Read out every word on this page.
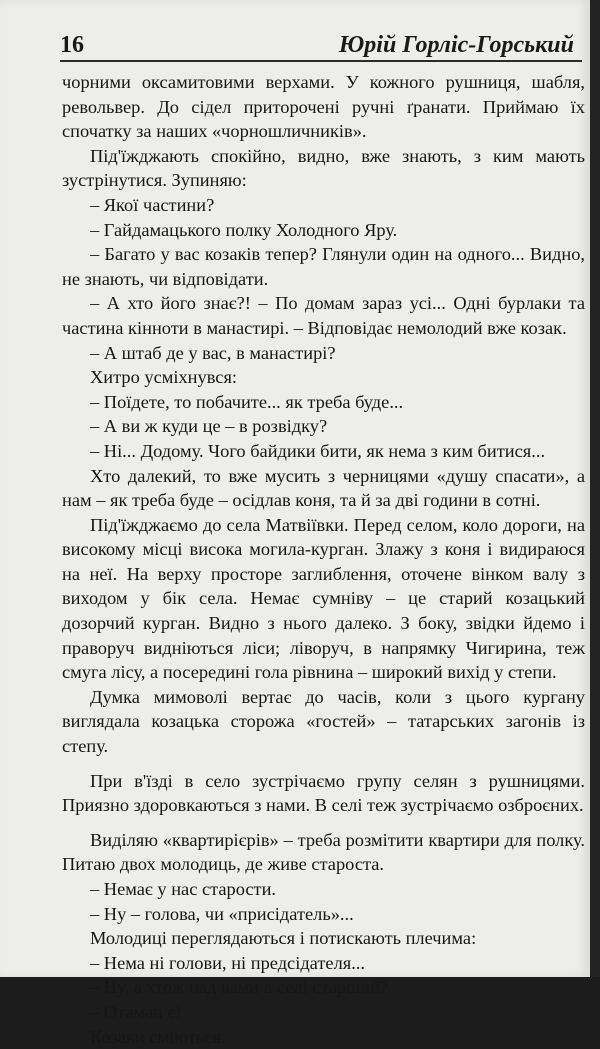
16	Юрій Горліс-Горський

чорними оксамитовими верхами. У кожного рушниця, шабля, револьвер. До сідел приторочені ручні ґранати. Приймаю їх спочатку за наших «чорношличників».

Під'їжджають спокійно, видно, вже знають, з ким мають зустрінутися. Зупиняю:

– Якої частини?

– Гайдамацького полку Холодного Яру.

– Багато у вас козаків тепер? Глянули один на одного... Видно, не знають, чи відповідати.

– А хто його знає?! – По домам зараз усі... Одні бурлаки та частина кінноти в манастирі. – Відповідає немолодий вже козак.

– А штаб де у вас, в манастирі?

Хитро усміхнувся:

– Поїдете, то побачите... як треба буде...

– А ви ж куди це – в розвідку?

– Ні... Додому. Чого байдики бити, як нема з ким битися...

Хто далекий, то вже мусить з черницями «душу спасати», а нам – як треба буде – осідлав коня, та й за дві години в сотні.

Під'їжджаємо до села Матвіївки. Перед селом, коло дороги, на високому місці висока могила-курган. Злажу з коня і видираюся на неї. На верху просторе заглиблення, оточене вінком валу з виходом у бік села. Немає сумніву – це старий козацький дозорчий курган. Видно з нього далеко. З боку, звідки йдемо і праворуч видніються ліси; ліворуч, в напрямку Чигирина, теж смуга лісу, а посередині гола рівнина – широкий вихід у степи.

Думка мимоволі вертає до часів, коли з цього кургану виглядала козацька сторожа «гостей» – татарських загонів із степу.

При в'їзді в село зустрічаємо групу селян з рушницями. Приязно здоровкаються з нами. В селі теж зустрічаємо озброєних.

Виділяю «квартирієрів» – треба розмітити квартири для полку. Питаю двох молодиць, де живе староста.

– Немає у нас старости.

– Ну – голова, чи «присідатель»...

Молодиці переглядаються і потискають плечима:

– Нема ні голови, ні предсідателя...

– Ну, а хтож над вами в селі старший?

– Отаман є!

Козаки сміються.
